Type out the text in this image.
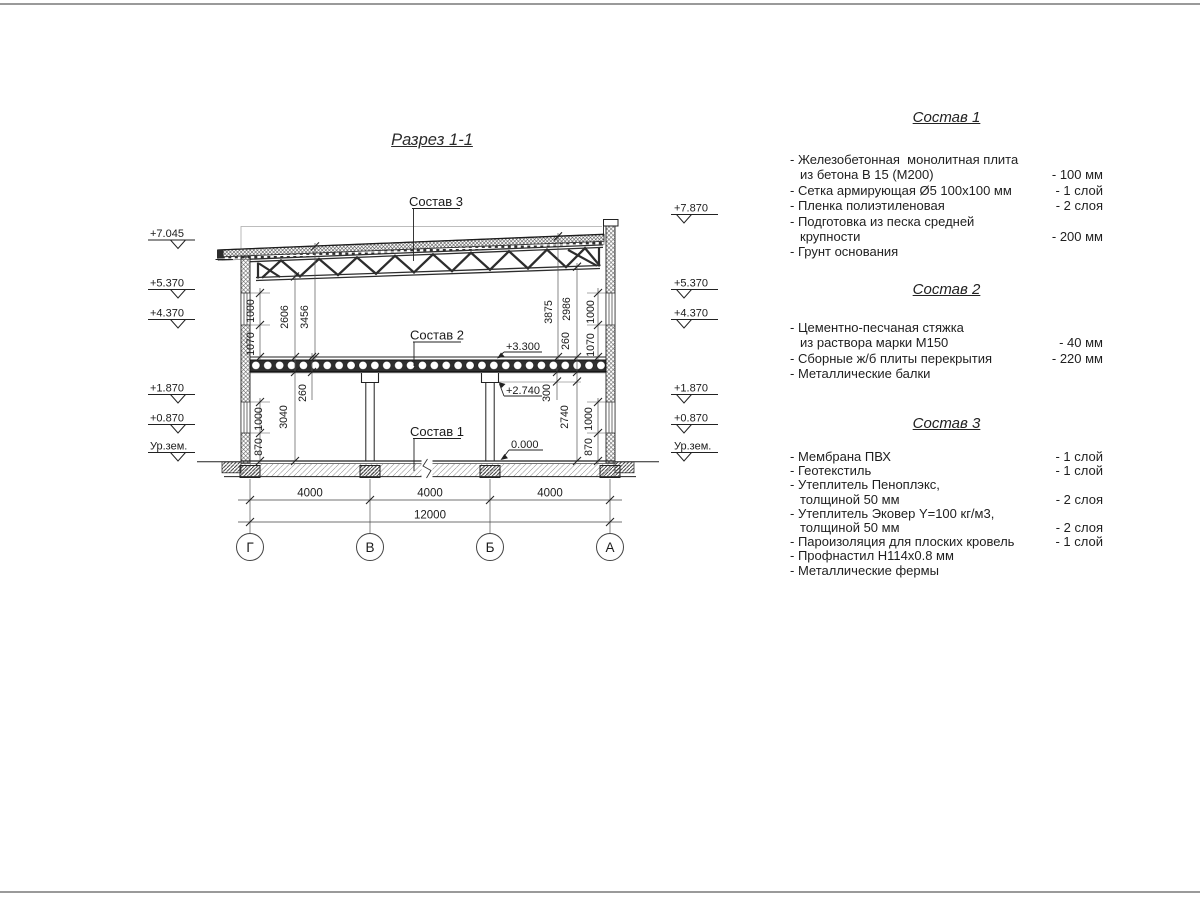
Разрез 1-1
Г	В	Б	А
4000	4000	4000
12000
1000
1070
1000
870
2606 3456
260
3040
3875 2986
260
300
2740
1000
1070
1000
870
Состав 3
Состав 2
Состав 1
+3.300
+2.740
0.000
+7.045
+5.370
+4.370
+1.870
+0.870
Ур.зем.
+7.870
+5.370
+4.370
+1.870
+0.870
Ур.зем.
Состав 1
- Железобетонная  монолитная плита
из бетона В 15 (М200)	- 100 мм
- Сетка армирующая Ø5 100х100 мм	- 1 слой
- Пленка полиэтиленовая	- 2 слоя
- Подготовка из песка средней
крупности	- 200 мм
- Грунт основания
Состав 2
- Цементно-песчаная стяжка
из раствора марки М150	- 40 мм
- Сборные ж/б плиты перекрытия	- 220 мм
- Металлические балки
Состав 3
- Мембрана ПВХ	- 1 слой
- Геотекстиль	- 1 слой
- Утеплитель Пеноплэкс,
толщиной 50 мм	- 2 слоя
- Утеплитель Эковер Y=100 кг/м3,
толщиной 50 мм	- 2 слоя
- Пароизоляция для плоских кровель	- 1 слой
- Профнастил Н114х0.8 мм
- Металлические фермы
